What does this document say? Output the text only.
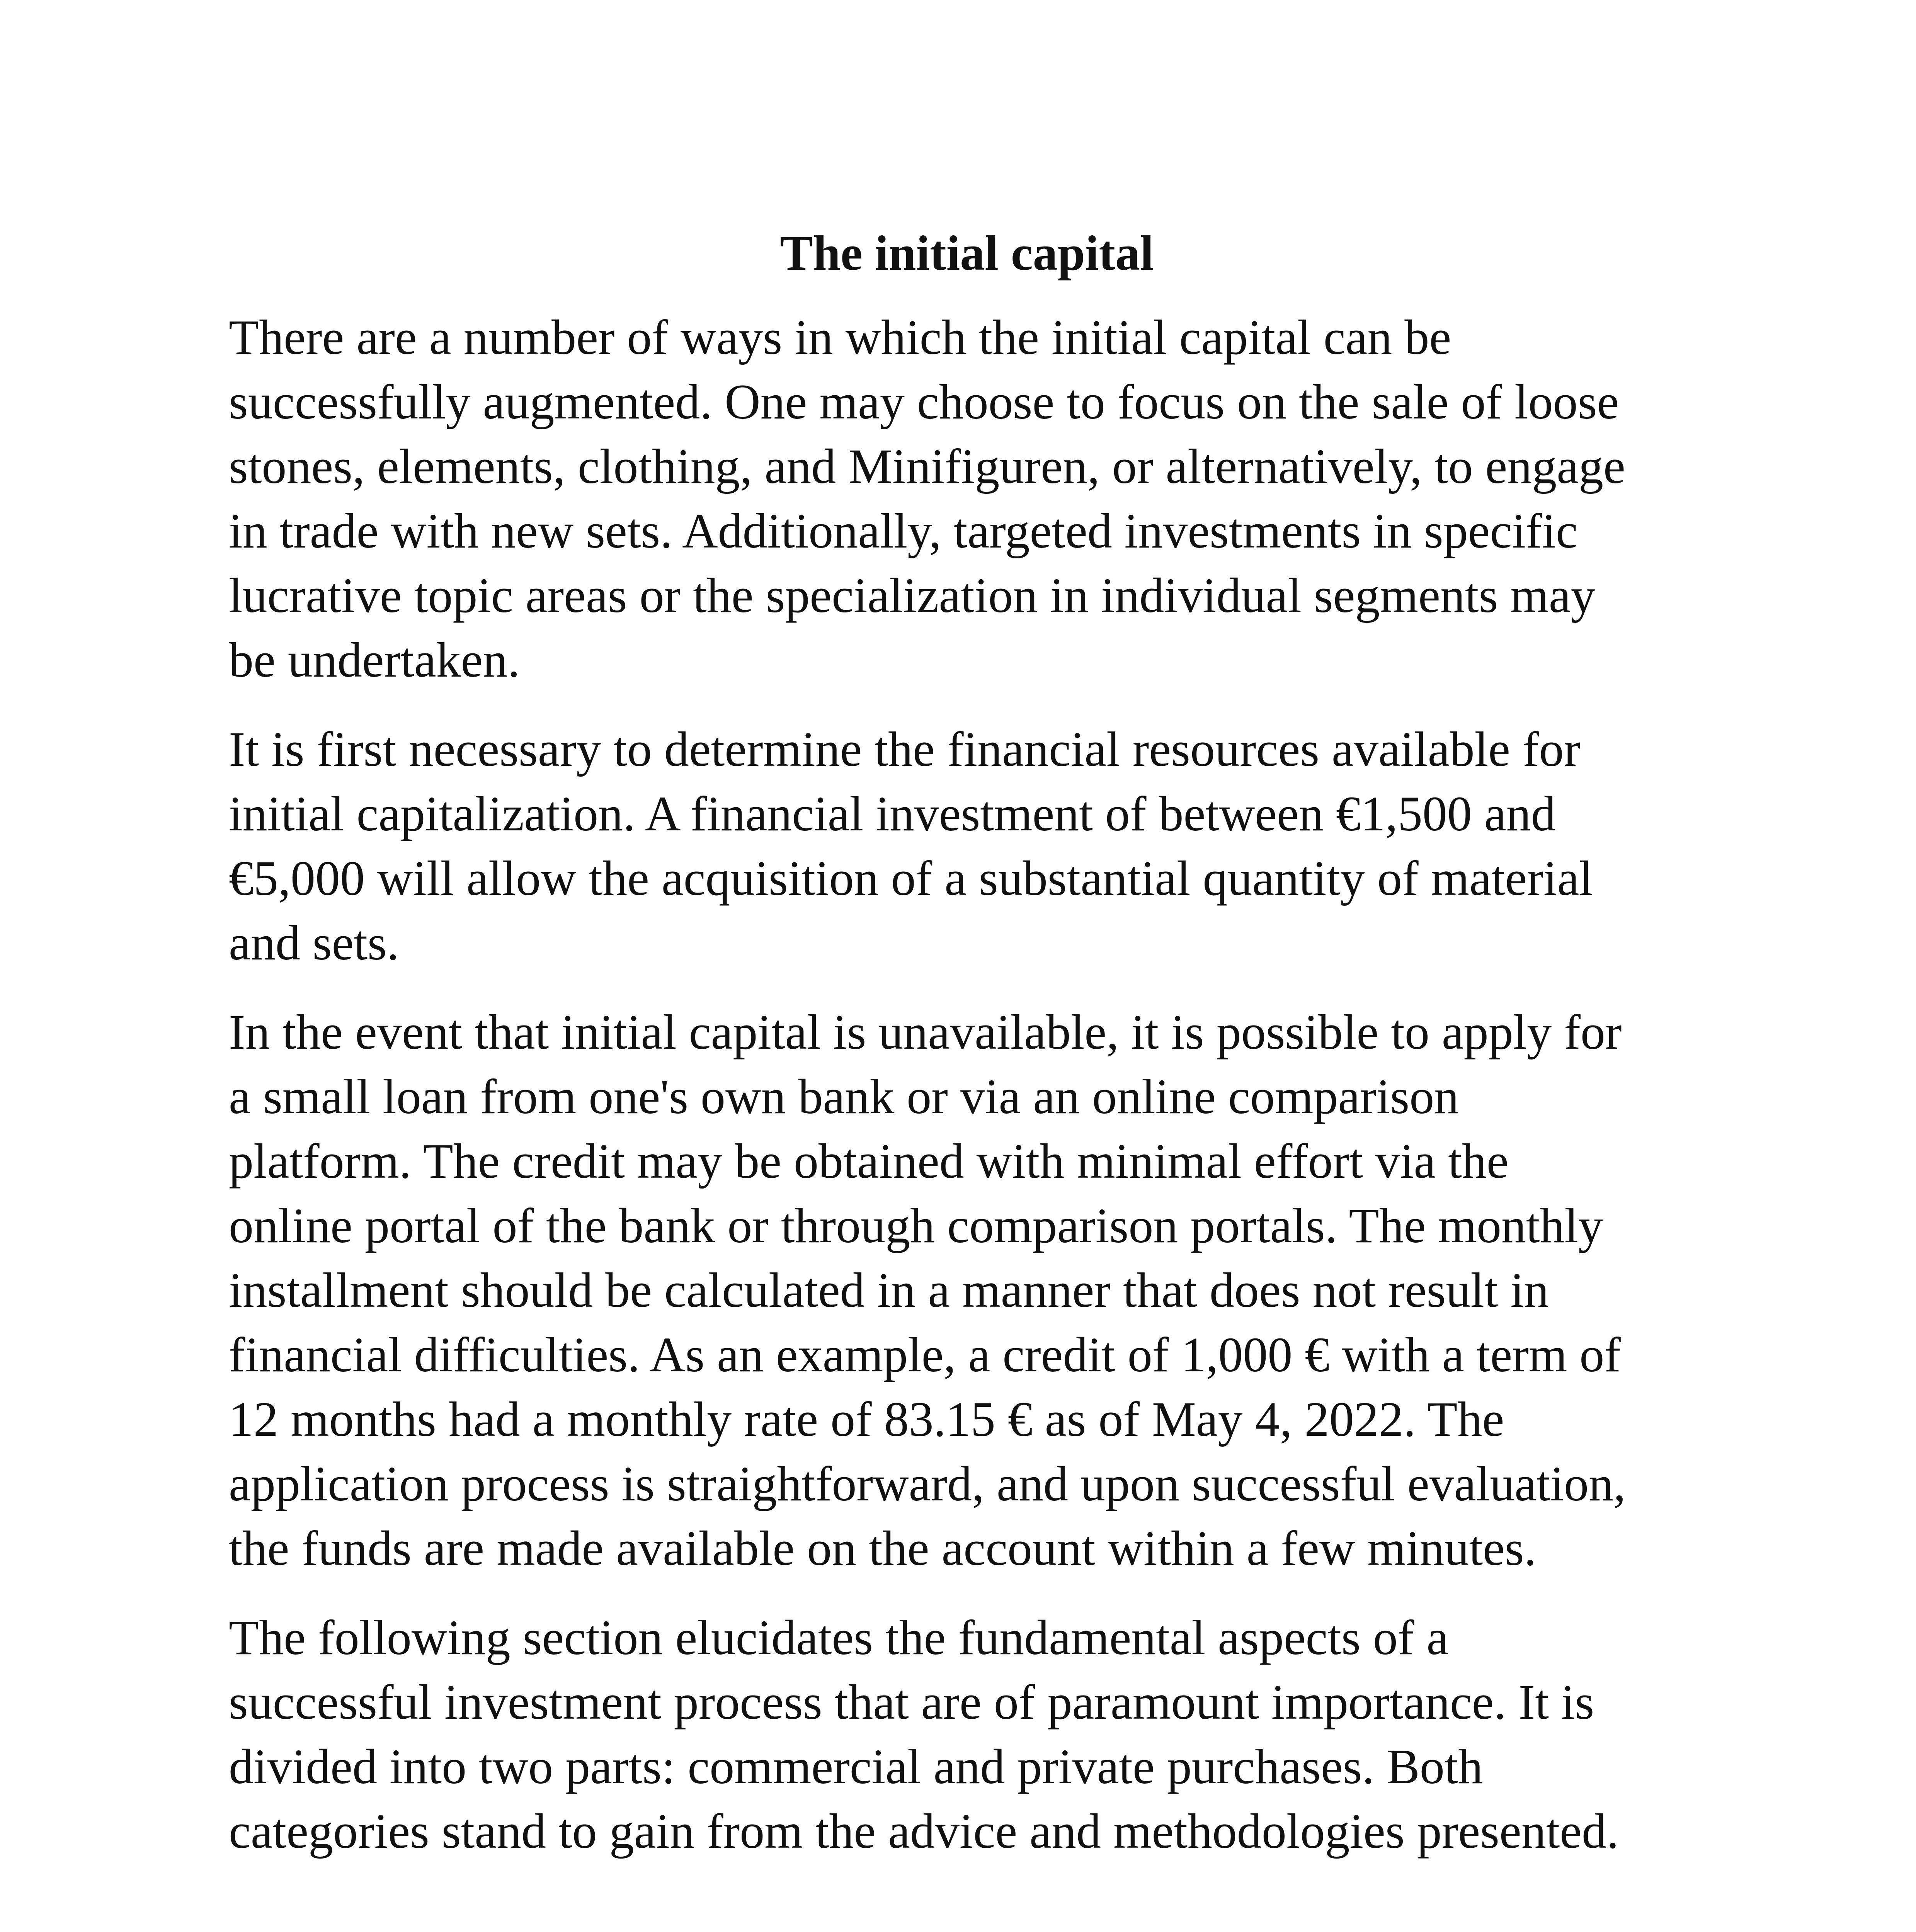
The initial capital

There are a number of ways in which the initial capital can be
successfully augmented. One may choose to focus on the sale of loose
stones, elements, clothing, and Minifiguren, or alternatively, to engage
in trade with new sets. Additionally, targeted investments in specific
lucrative topic areas or the specialization in individual segments may
be undertaken.

It is first necessary to determine the financial resources available for
initial capitalization. A financial investment of between €1,500 and
€5,000 will allow the acquisition of a substantial quantity of material
and sets.

In the event that initial capital is unavailable, it is possible to apply for
a small loan from one's own bank or via an online comparison
platform. The credit may be obtained with minimal effort via the
online portal of the bank or through comparison portals. The monthly
installment should be calculated in a manner that does not result in
financial difficulties. As an example, a credit of 1,000 € with a term of
12 months had a monthly rate of 83.15 € as of May 4, 2022. The
application process is straightforward, and upon successful evaluation,
the funds are made available on the account within a few minutes.

The following section elucidates the fundamental aspects of a
successful investment process that are of paramount importance. It is
divided into two parts: commercial and private purchases. Both
categories stand to gain from the advice and methodologies presented.
